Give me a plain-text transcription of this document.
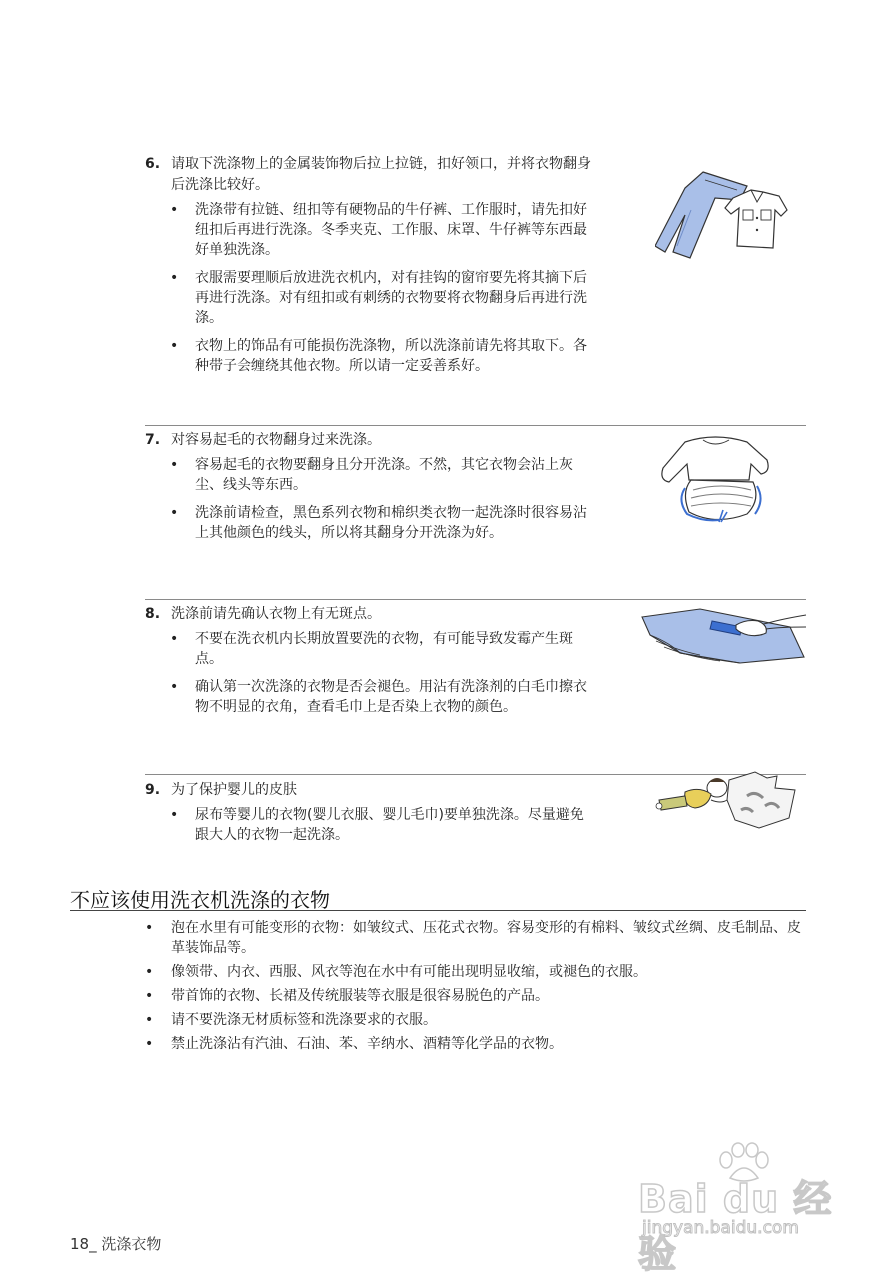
6. 请取下洗涤物上的金属装饰物后拉上拉链，扣好领口，并将衣物翻身后洗涤比较好。
• 洗涤带有拉链、纽扣等有硬物品的牛仔裤、工作服时，请先扣好纽扣后再进行洗涤。冬季夹克、工作服、床罩、牛仔裤等东西最好单独洗涤。
• 衣服需要理顺后放进洗衣机内，对有挂钩的窗帘要先将其摘下后再进行洗涤。对有纽扣或有刺绣的衣物要将衣物翻身后再进行洗涤。
• 衣物上的饰品有可能损伤洗涤物，所以洗涤前请先将其取下。各种带子会缠绕其他衣物。所以请一定妥善系好。
7. 对容易起毛的衣物翻身过来洗涤。
• 容易起毛的衣物要翻身且分开洗涤。不然，其它衣物会沾上灰尘、线头等东西。
• 洗涤前请检查，黑色系列衣物和棉织类衣物一起洗涤时很容易沾上其他颜色的线头，所以将其翻身分开洗涤为好。
8. 洗涤前请先确认衣物上有无斑点。
• 不要在洗衣机内长期放置要洗的衣物，有可能导致发霉产生斑点。
• 确认第一次洗涤的衣物是否会褪色。用沾有洗涤剂的白毛巾擦衣物不明显的衣角，查看毛巾上是否染上衣物的颜色。
9. 为了保护婴儿的皮肤
• 尿布等婴儿的衣物(婴儿衣服、婴儿毛巾)要单独洗涤。尽量避免跟大人的衣物一起洗涤。
不应该使用洗衣机洗涤的衣物
• 泡在水里有可能变形的衣物：如皱纹式、压花式衣物。容易变形的有棉料、皱纹式丝绸、皮毛制品、皮革装饰品等。
• 像领带、内衣、西服、风衣等泡在水中有可能出现明显收缩，或褪色的衣服。
• 带首饰的衣物、长裙及传统服装等衣服是很容易脱色的产品。
• 请不要洗涤无材质标签和洗涤要求的衣服。
• 禁止洗涤沾有汽油、石油、苯、辛纳水、酒精等化学品的衣物。
Bai du 经验
jingyan.baidu.com
18_ 洗涤衣物
